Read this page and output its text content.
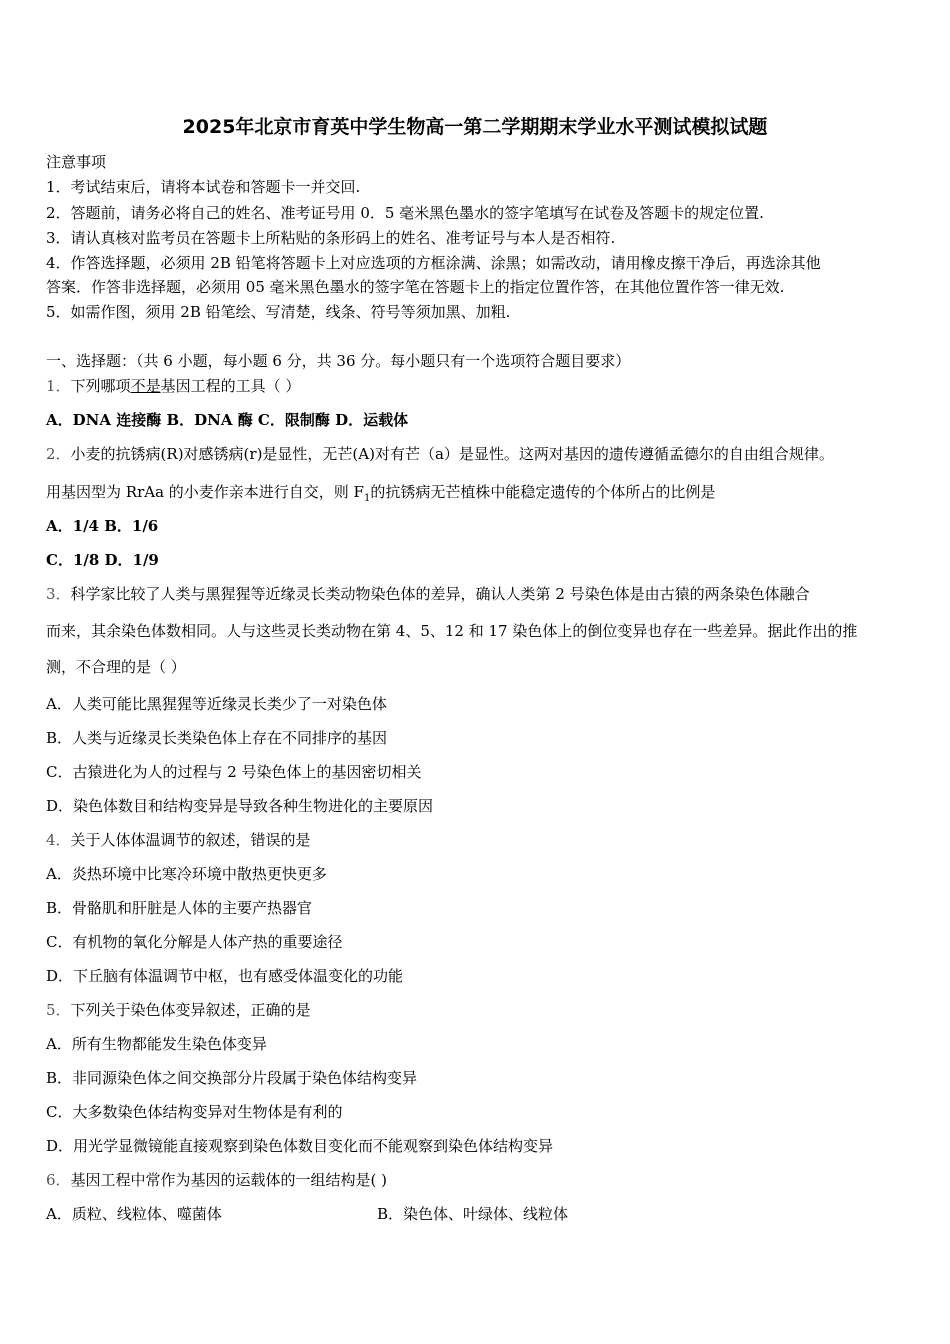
2025年北京市育英中学生物高一第二学期期末学业水平测试模拟试题
注意事项
1．考试结束后，请将本试卷和答题卡一并交回.
2．答题前，请务必将自己的姓名、准考证号用 0．5 毫米黑色墨水的签字笔填写在试卷及答题卡的规定位置.
3．请认真核对监考员在答题卡上所粘贴的条形码上的姓名、准考证号与本人是否相符.
4．作答选择题，必须用 2B 铅笔将答题卡上对应选项的方框涂满、涂黑；如需改动，请用橡皮擦干净后，再选涂其他
答案．作答非选择题，必须用 05 毫米黑色墨水的签字笔在答题卡上的指定位置作答，在其他位置作答一律无效.
5．如需作图，须用 2B 铅笔绘、写清楚，线条、符号等须加黑、加粗.
一、选择题：（共 6 小题，每小题 6 分，共 36 分。每小题只有一个选项符合题目要求）
1．下列哪项不是基因工程的工具（ ）
A．DNA 连接酶 B．DNA 酶 C．限制酶 D．运载体
2．小麦的抗锈病(R)对感锈病(r)是显性，无芒(A)对有芒（a）是显性。这两对基因的遗传遵循孟德尔的自由组合规律。
用基因型为 RrAa 的小麦作亲本进行自交，则 $F_1$的抗锈病无芒植株中能稳定遗传的个体所占的比例是
A．1/4 B．1/6
C．1/8 D．1/9
3．科学家比较了人类与黑猩猩等近缘灵长类动物染色体的差异，确认人类第 2 号染色体是由古猿的两条染色体融合
而来，其余染色体数相同。人与这些灵长类动物在第 4、5、12 和 17 染色体上的倒位变异也存在一些差异。据此作出的推
测，不合理的是（ ）
A．人类可能比黑猩猩等近缘灵长类少了一对染色体
B．人类与近缘灵长类染色体上存在不同排序的基因
C．古猿进化为人的过程与 2 号染色体上的基因密切相关
D．染色体数目和结构变异是导致各种生物进化的主要原因
4．关于人体体温调节的叙述，错误的是
A．炎热环境中比寒冷环境中散热更快更多
B．骨骼肌和肝脏是人体的主要产热器官
C．有机物的氧化分解是人体产热的重要途径
D．下丘脑有体温调节中枢，也有感受体温变化的功能
5．下列关于染色体变异叙述，正确的是
A．所有生物都能发生染色体变异
B．非同源染色体之间交换部分片段属于染色体结构变异
C．大多数染色体结构变异对生物体是有利的
D．用光学显微镜能直接观察到染色体数目变化而不能观察到染色体结构变异
6．基因工程中常作为基因的运载体的一组结构是( )
A．质粒、线粒体、噬菌体	B．染色体、叶绿体、线粒体
